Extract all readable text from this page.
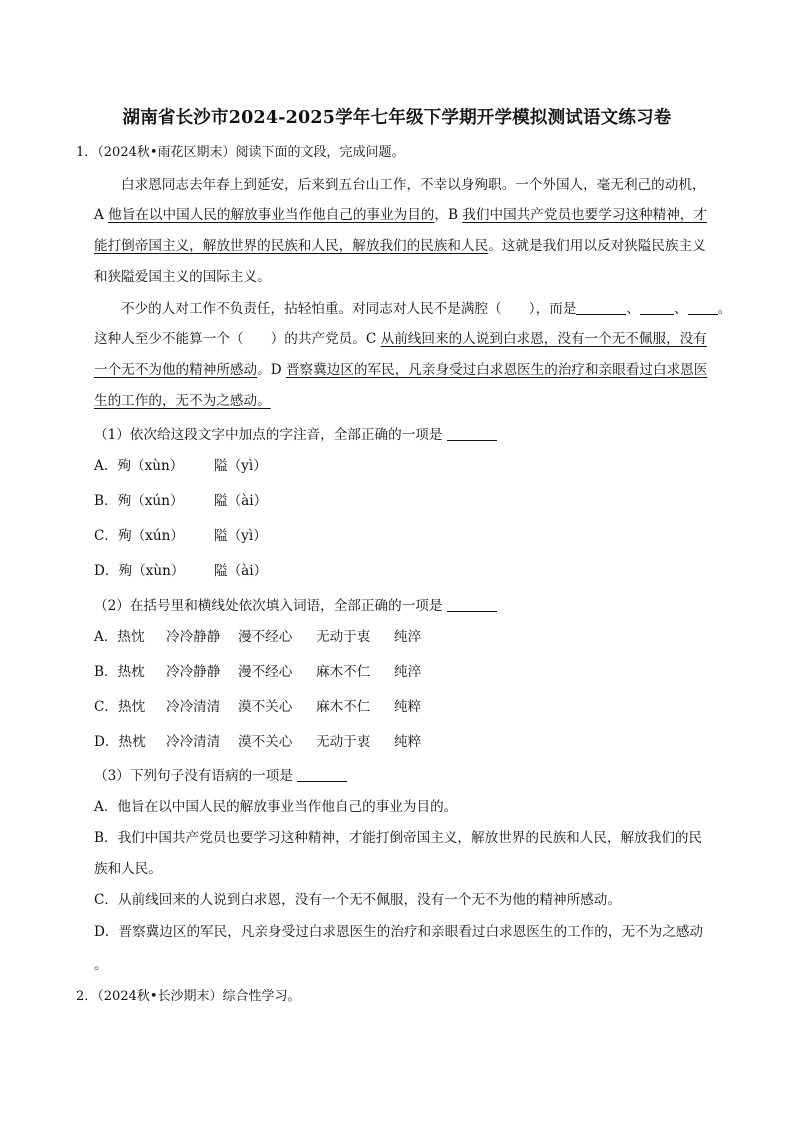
湖南省长沙市2024-2025学年七年级下学期开学模拟测试语文练习卷
1．（2024秋•雨花区期末）阅读下面的文段，完成问题。
白求恩同志去年春上到延安，后来到五台山工作，不幸以身殉职。一个外国人，毫无利己的动机，
A 他旨在以中国人民的解放事业当作他自己的事业为目的，B 我们中国共产党员也要学习这种精神，才
能打倒帝国主义，解放世界的民族和人民，解放我们的民族和人民。这就是我们用以反对狭隘民族主义
和狭隘爱国主义的国际主义。
不少的人对工作不负责任，拈轻怕重。对同志对人民不是满腔（　　），而是	、	、 。
这种人至少不能算一个（　　）的共产党员。C 从前线回来的人说到白求恩，没有一个无不佩服，没有
一个无不为他的精神所感动。D 晋察冀边区的军民，凡亲身受过白求恩医生的治疗和亲眼看过白求恩医
生的工作的，无不为之感动。
（1）依次给这段文字中加点的字注音，全部正确的一项是
A．殉（xùn） 隘（yì）
B．殉（xún） 隘（ài）
C．殉（xún） 隘（yì）
D．殉（xùn） 隘（ài）
（2）在括号里和横线处依次填入词语，全部正确的一项是
A．热忱 冷冷静静 漫不经心 无动于衷 纯淬
B．热枕 冷冷静静 漫不经心 麻木不仁 纯淬
C．热忱 冷冷清清 漠不关心 麻木不仁 纯粹
D．热枕 冷冷清清 漠不关心 无动于衷 纯粹
（3）下列句子没有语病的一项是
A．他旨在以中国人民的解放事业当作他自己的事业为目的。
B．我们中国共产党员也要学习这种精神，才能打倒帝国主义，解放世界的民族和人民，解放我们的民
族和人民。
C．从前线回来的人说到白求恩，没有一个无不佩服，没有一个无不为他的精神所感动。
D．晋察冀边区的军民，凡亲身受过白求恩医生的治疗和亲眼看过白求恩医生的工作的，无不为之感动
。
2．（2024秋•长沙期末）综合性学习。
